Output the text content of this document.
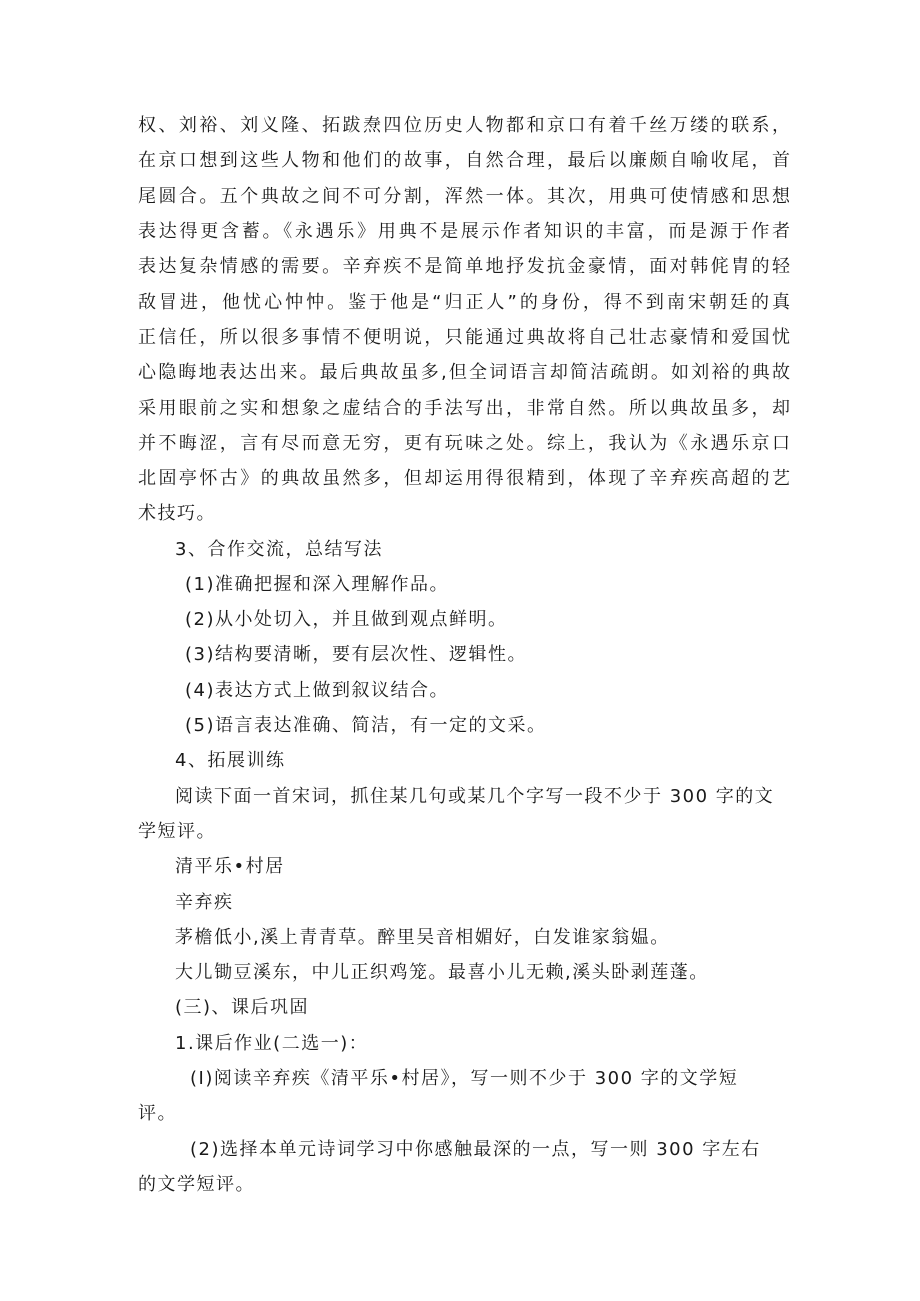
权、刘裕、刘义隆、拓跋焘四位历史人物都和京口有着千丝万缕的联系，
在京口想到这些人物和他们的故事，自然合理，最后以廉颇自喻收尾，首
尾圆合。五个典故之间不可分割，浑然一体。其次，用典可使情感和思想
表达得更含蓄。《永遇乐》用典不是展示作者知识的丰富，而是源于作者
表达复杂情感的需要。辛弃疾不是简单地抒发抗金豪情，面对韩侂胄的轻
敌冒进，他忧心忡忡。鉴于他是“归正人”的身份，得不到南宋朝廷的真
正信任，所以很多事情不便明说，只能通过典故将自己壮志豪情和爱国忧
心隐晦地表达出来。最后典故虽多,但全词语言却简洁疏朗。如刘裕的典故
采用眼前之实和想象之虚结合的手法写出，非常自然。所以典故虽多，却
并不晦涩，言有尽而意无穷，更有玩味之处。综上，我认为《永遇乐京口
北固亭怀古》的典故虽然多，但却运用得很精到，体现了辛弃疾高超的艺
术技巧。
3、合作交流，总结写法
(1)准确把握和深入理解作品。
(2)从小处切入，并且做到观点鲜明。
(3)结构要清晰，要有层次性、逻辑性。
(4)表达方式上做到叙议结合。
(5)语言表达准确、简洁，有一定的文采。
4、拓展训练
阅读下面一首宋词，抓住某几句或某几个字写一段不少于 300 字的文
学短评。
清平乐•村居
辛弃疾
茅檐低小,溪上青青草。醉里吴音相媚好，白发谁家翁媪。
大儿锄豆溪东，中儿正织鸡笼。最喜小儿无赖,溪头卧剥莲蓬。
(三)、课后巩固
1.课后作业(二选一)：
(I)阅读辛弃疾《清平乐•村居》，写一则不少于 300 字的文学短
评。
(2)选择本单元诗词学习中你感触最深的一点，写一则 300 字左右
的文学短评。
